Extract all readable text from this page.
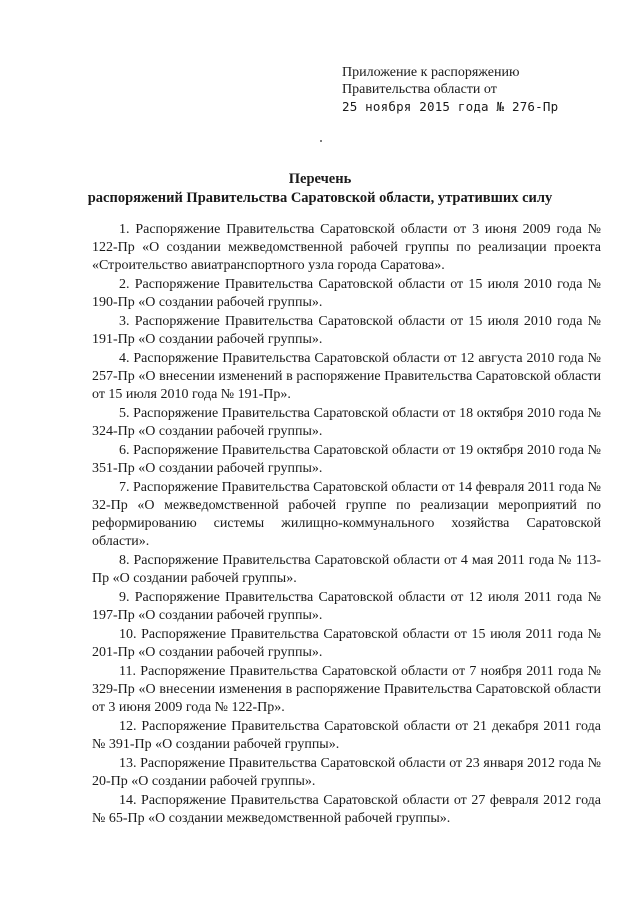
Приложение к распоряжению
Правительства области от
25 ноября 2015 года № 276-Пр
Перечень
распоряжений Правительства Саратовской области, утративших силу

1. Распоряжение Правительства Саратовской области от 3 июня 2009 года № 122-Пр «О создании межведомственной рабочей группы по реализации проекта «Строительство авиатранспортного узла города Саратова».

2. Распоряжение Правительства Саратовской области от 15 июля 2010 года № 190-Пр «О создании рабочей группы».

3. Распоряжение Правительства Саратовской области от 15 июля 2010 года № 191-Пр «О создании рабочей группы».

4. Распоряжение Правительства Саратовской области от 12 августа 2010 года № 257-Пр «О внесении изменений в распоряжение Правительства Саратовской области от 15 июля 2010 года № 191-Пр».

5. Распоряжение Правительства Саратовской области от 18 октября 2010 года № 324-Пр «О создании рабочей группы».

6. Распоряжение Правительства Саратовской области от 19 октября 2010 года № 351-Пр «О создании рабочей группы».

7. Распоряжение Правительства Саратовской области от 14 февраля 2011 года № 32-Пр «О межведомственной рабочей группе по реализации мероприятий по реформированию системы жилищно-коммунального хозяйства Саратовской области».

8. Распоряжение Правительства Саратовской области от 4 мая 2011 года № 113-Пр «О создании рабочей группы».

9. Распоряжение Правительства Саратовской области от 12 июля 2011 года № 197-Пр «О создании рабочей группы».

10. Распоряжение Правительства Саратовской области от 15 июля 2011 года № 201-Пр «О создании рабочей группы».

11. Распоряжение Правительства Саратовской области от 7 ноября 2011 года № 329-Пр «О внесении изменения в распоряжение Правительства Саратовской области от 3 июня 2009 года № 122-Пр».

12. Распоряжение Правительства Саратовской области от 21 декабря 2011 года № 391-Пр «О создании рабочей группы».

13. Распоряжение Правительства Саратовской области от 23 января 2012 года № 20-Пр «О создании рабочей группы».

14. Распоряжение Правительства Саратовской области от 27 февраля 2012 года № 65-Пр «О создании межведомственной рабочей группы».
